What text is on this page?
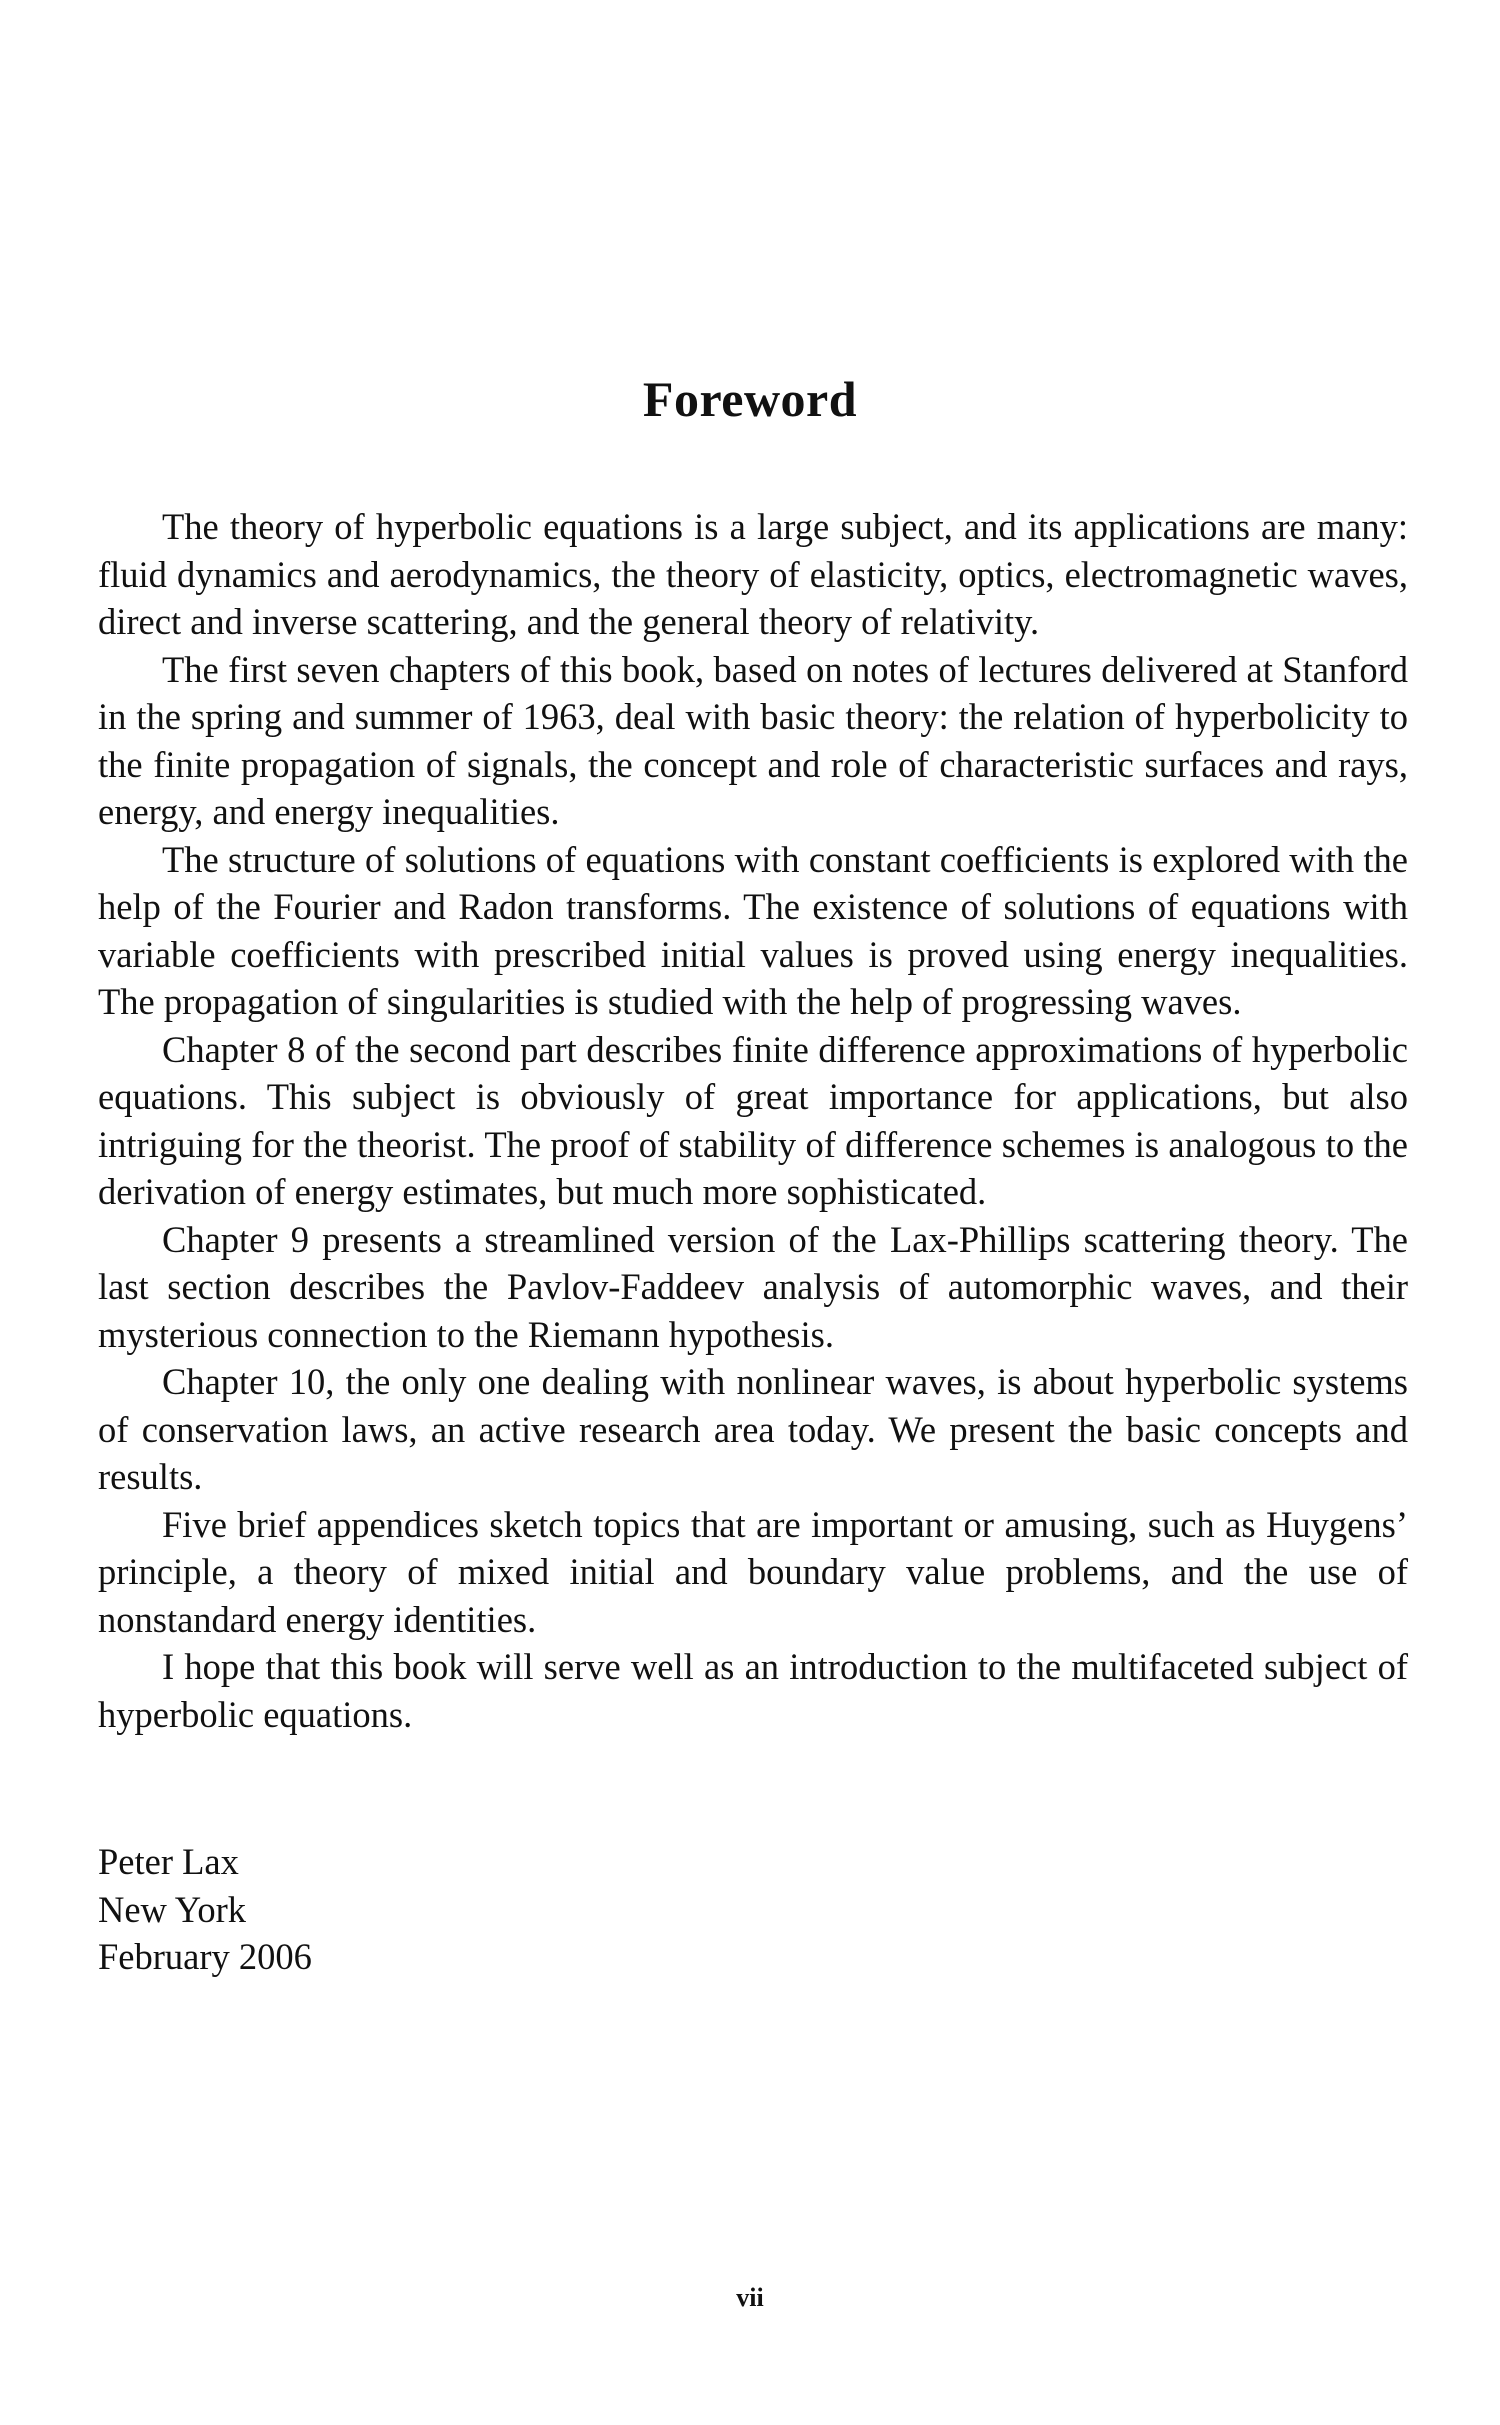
Foreword

The theory of hyperbolic equations is a large subject, and its applications are many: fluid dynamics and aerodynamics, the theory of elasticity, optics, electromagnetic waves, direct and inverse scattering, and the general theory of relativity.

The first seven chapters of this book, based on notes of lectures delivered at Stanford in the spring and summer of 1963, deal with basic theory: the relation of hyperbolicity to the finite propagation of signals, the concept and role of characteristic surfaces and rays, energy, and energy inequalities.

The structure of solutions of equations with constant coefficients is explored with the help of the Fourier and Radon transforms. The existence of solutions of equations with variable coefficients with prescribed initial values is proved using energy inequalities. The propagation of singularities is studied with the help of progressing waves.

Chapter 8 of the second part describes finite difference approximations of hyperbolic equations. This subject is obviously of great importance for applications, but also intriguing for the theorist. The proof of stability of difference schemes is analogous to the derivation of energy estimates, but much more sophisticated.

Chapter 9 presents a streamlined version of the Lax-Phillips scattering theory. The last section describes the Pavlov-Faddeev analysis of automorphic waves, and their mysterious connection to the Riemann hypothesis.

Chapter 10, the only one dealing with nonlinear waves, is about hyperbolic systems of conservation laws, an active research area today. We present the basic concepts and results.

Five brief appendices sketch topics that are important or amusing, such as Huygens’ principle, a theory of mixed initial and boundary value problems, and the use of nonstandard energy identities.

I hope that this book will serve well as an introduction to the multifaceted subject of hyperbolic equations.

Peter Lax
New York
February 2006
vii
